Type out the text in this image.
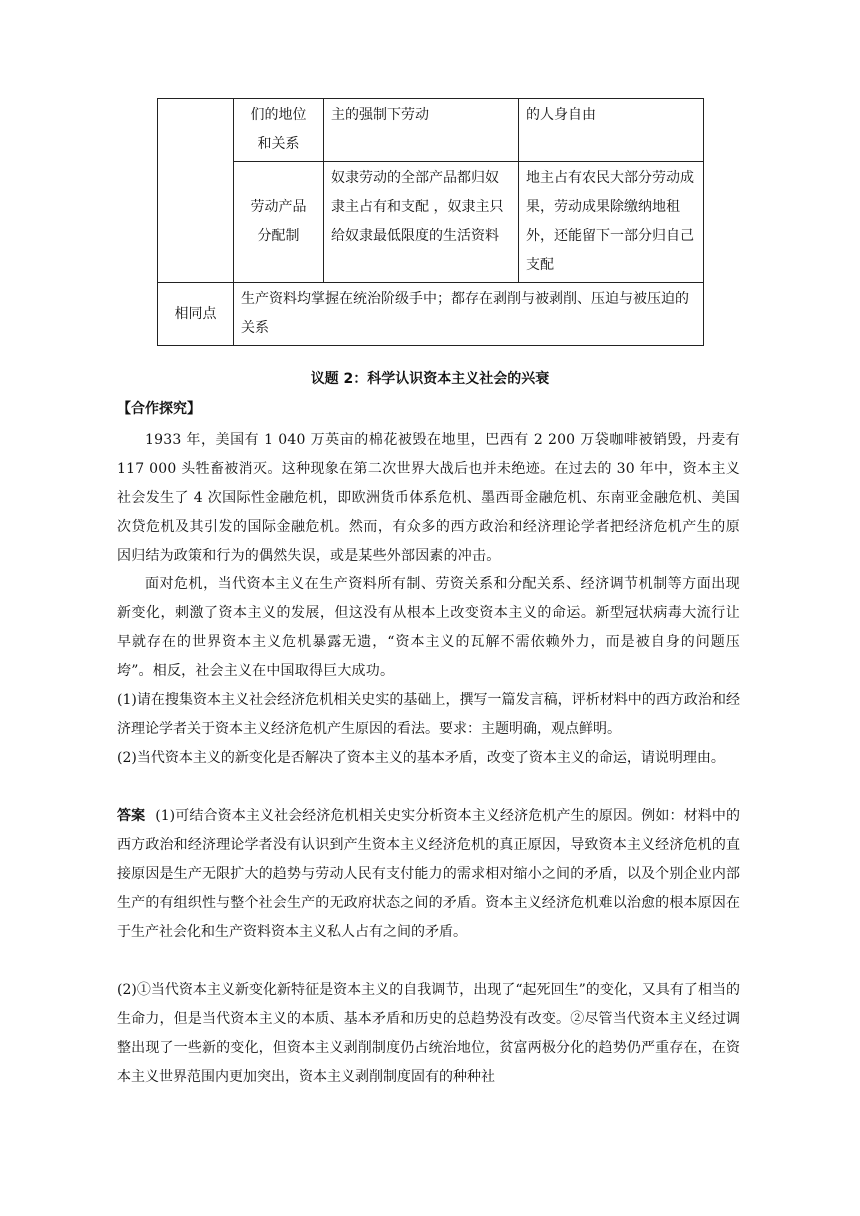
	们的地位和关系	主的强制下劳动	的人身自由

	劳动产品分配制	奴隶劳动的全部产品都归奴隶主占有和支配 ，奴隶主只给奴隶最低限度的生活资料	地主占有农民大部分劳动成果，劳动成果除缴纳地租外，还能留下一部分归自己支配
相同点	生产资料均掌握在统治阶级手中；都存在剥削与被剥削、压迫与被压迫的关系		
议题 2：科学认识资本主义社会的兴衰
【合作探究】
1933 年，美国有 1 040 万英亩的棉花被毁在地里，巴西有 2 200 万袋咖啡被销毁，丹麦有 117 000 头牲畜被消灭。这种现象在第二次世界大战后也并未绝迹。在过去的 30 年中，资本主义社会发生了 4 次国际性金融危机，即欧洲货币体系危机、墨西哥金融危机、东南亚金融危机、美国次贷危机及其引发的国际金融危机。然而，有众多的西方政治和经济理论学者把经济危机产生的原因归结为政策和行为的偶然失误，或是某些外部因素的冲击。
面对危机，当代资本主义在生产资料所有制、劳资关系和分配关系、经济调节机制等方面出现新变化，刺激了资本主义的发展，但这没有从根本上改变资本主义的命运。新型冠状病毒大流行让早就存在的世界资本主义危机暴露无遗，“资本主义的瓦解不需依赖外力，而是被自身的问题压垮”。相反，社会主义在中国取得巨大成功。
(1)请在搜集资本主义社会经济危机相关史实的基础上，撰写一篇发言稿，评析材料中的西方政治和经济理论学者关于资本主义经济危机产生原因的看法。要求：主题明确，观点鲜明。
(2)当代资本主义的新变化是否解决了资本主义的基本矛盾，改变了资本主义的命运，请说明理由。
答案 (1)可结合资本主义社会经济危机相关史实分析资本主义经济危机产生的原因。例如：材料中的西方政治和经济理论学者没有认识到产生资本主义经济危机的真正原因，导致资本主义经济危机的直接原因是生产无限扩大的趋势与劳动人民有支付能力的需求相对缩小之间的矛盾，以及个别企业内部生产的有组织性与整个社会生产的无政府状态之间的矛盾。资本主义经济危机难以治愈的根本原因在于生产社会化和生产资料资本主义私人占有之间的矛盾。
(2)①当代资本主义新变化新特征是资本主义的自我调节，出现了“起死回生”的变化，又具有了相当的生命力，但是当代资本主义的本质、基本矛盾和历史的总趋势没有改变。②尽管当代资本主义经过调整出现了一些新的变化，但资本主义剥削制度仍占统治地位，贫富两极分化的趋势仍严重存在，在资本主义世界范围内更加突出，资本主义剥削制度固有的种种社
